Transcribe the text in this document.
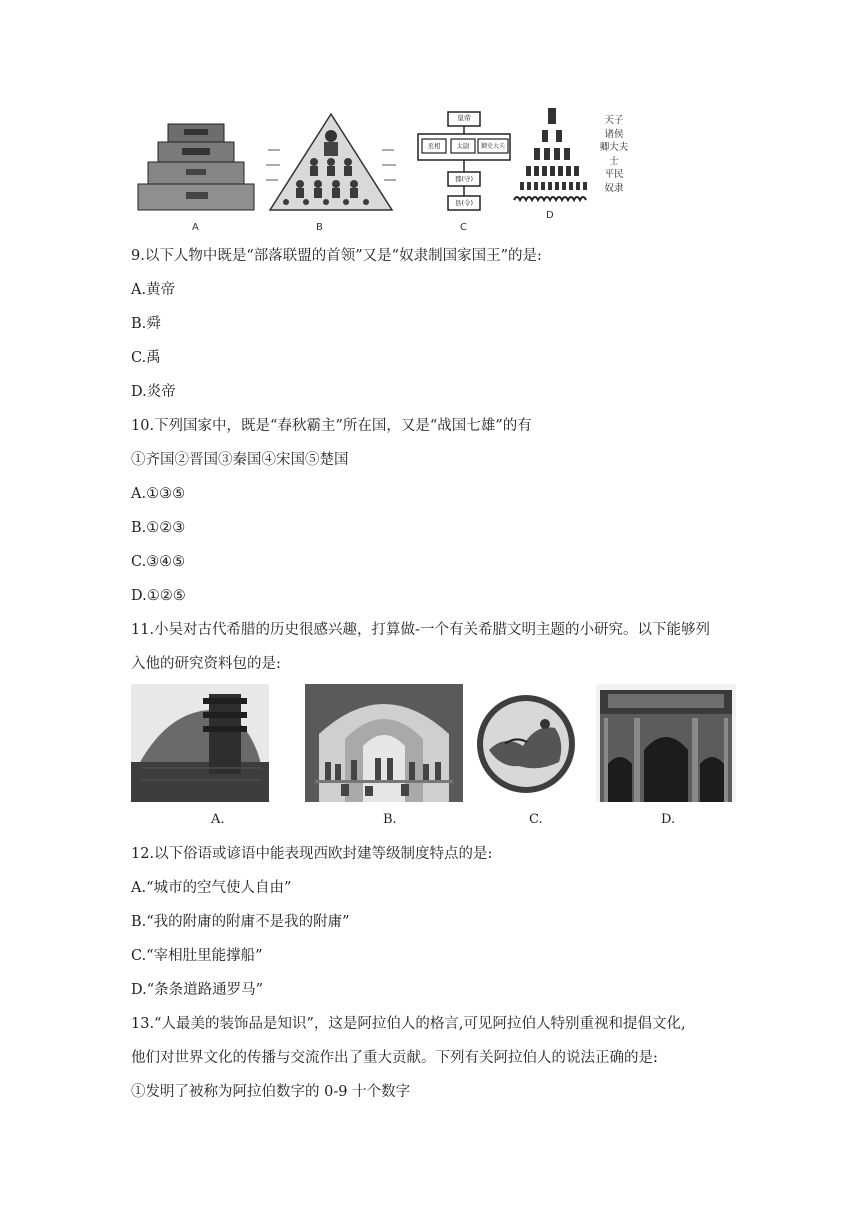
A	B
皇帝
丞相	太尉	御史大夫
郡(守)
县(令)
C
天子
诸侯
卿大夫
士
平民
奴隶
D
9.以下人物中既是“部落联盟的首领”又是“奴隶制国家国王”的是:
A.黄帝
B.舜
C.禹
D.炎帝
10.下列国家中，既是“春秋霸主”所在国，又是“战国七雄”的有
①齐国②晋国③秦国④宋国⑤楚国
A.①③⑤
B.①②③
C.③④⑤
D.①②⑤
11.小吴对古代希腊的历史很感兴趣，打算做-一个有关希腊文明主题的小研究。以下能够列
入他的研究资料包的是:
A.	B.	C.	D.
12.以下俗语或谚语中能表现西欧封建等级制度特点的是:
A.“城市的空气使人自由”
B.“我的附庸的附庸不是我的附庸”
C.“宰相肚里能撑船”
D.“条条道路通罗马”
13.“人最美的装饰品是知识”，这是阿拉伯人的格言,可见阿拉伯人特别重视和提倡文化,
他们对世界文化的传播与交流作出了重大贡献。下列有关阿拉伯人的说法正确的是:
①发明了被称为阿拉伯数字的 0-9 十个数字
